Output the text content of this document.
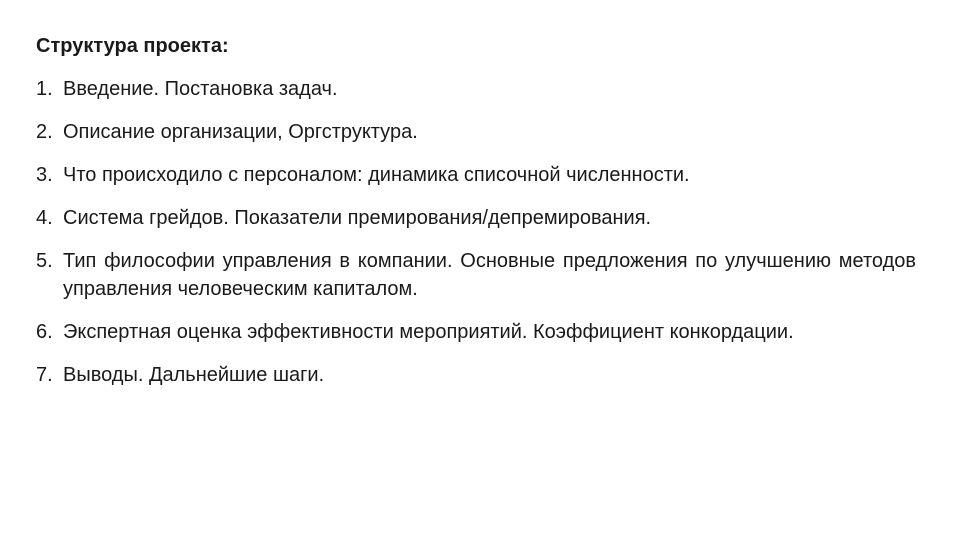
Структура проекта:
1. Введение. Постановка задач.
2. Описание организации, Оргструктура.
3. Что происходило с персоналом: динамика списочной численности.
4. Система грейдов. Показатели премирования/депремирования.
5. Тип философии управления в компании. Основные предложения по улучшению методов управления человеческим капиталом.
6. Экспертная оценка эффективности мероприятий. Коэффициент конкордации.
7. Выводы. Дальнейшие шаги.
